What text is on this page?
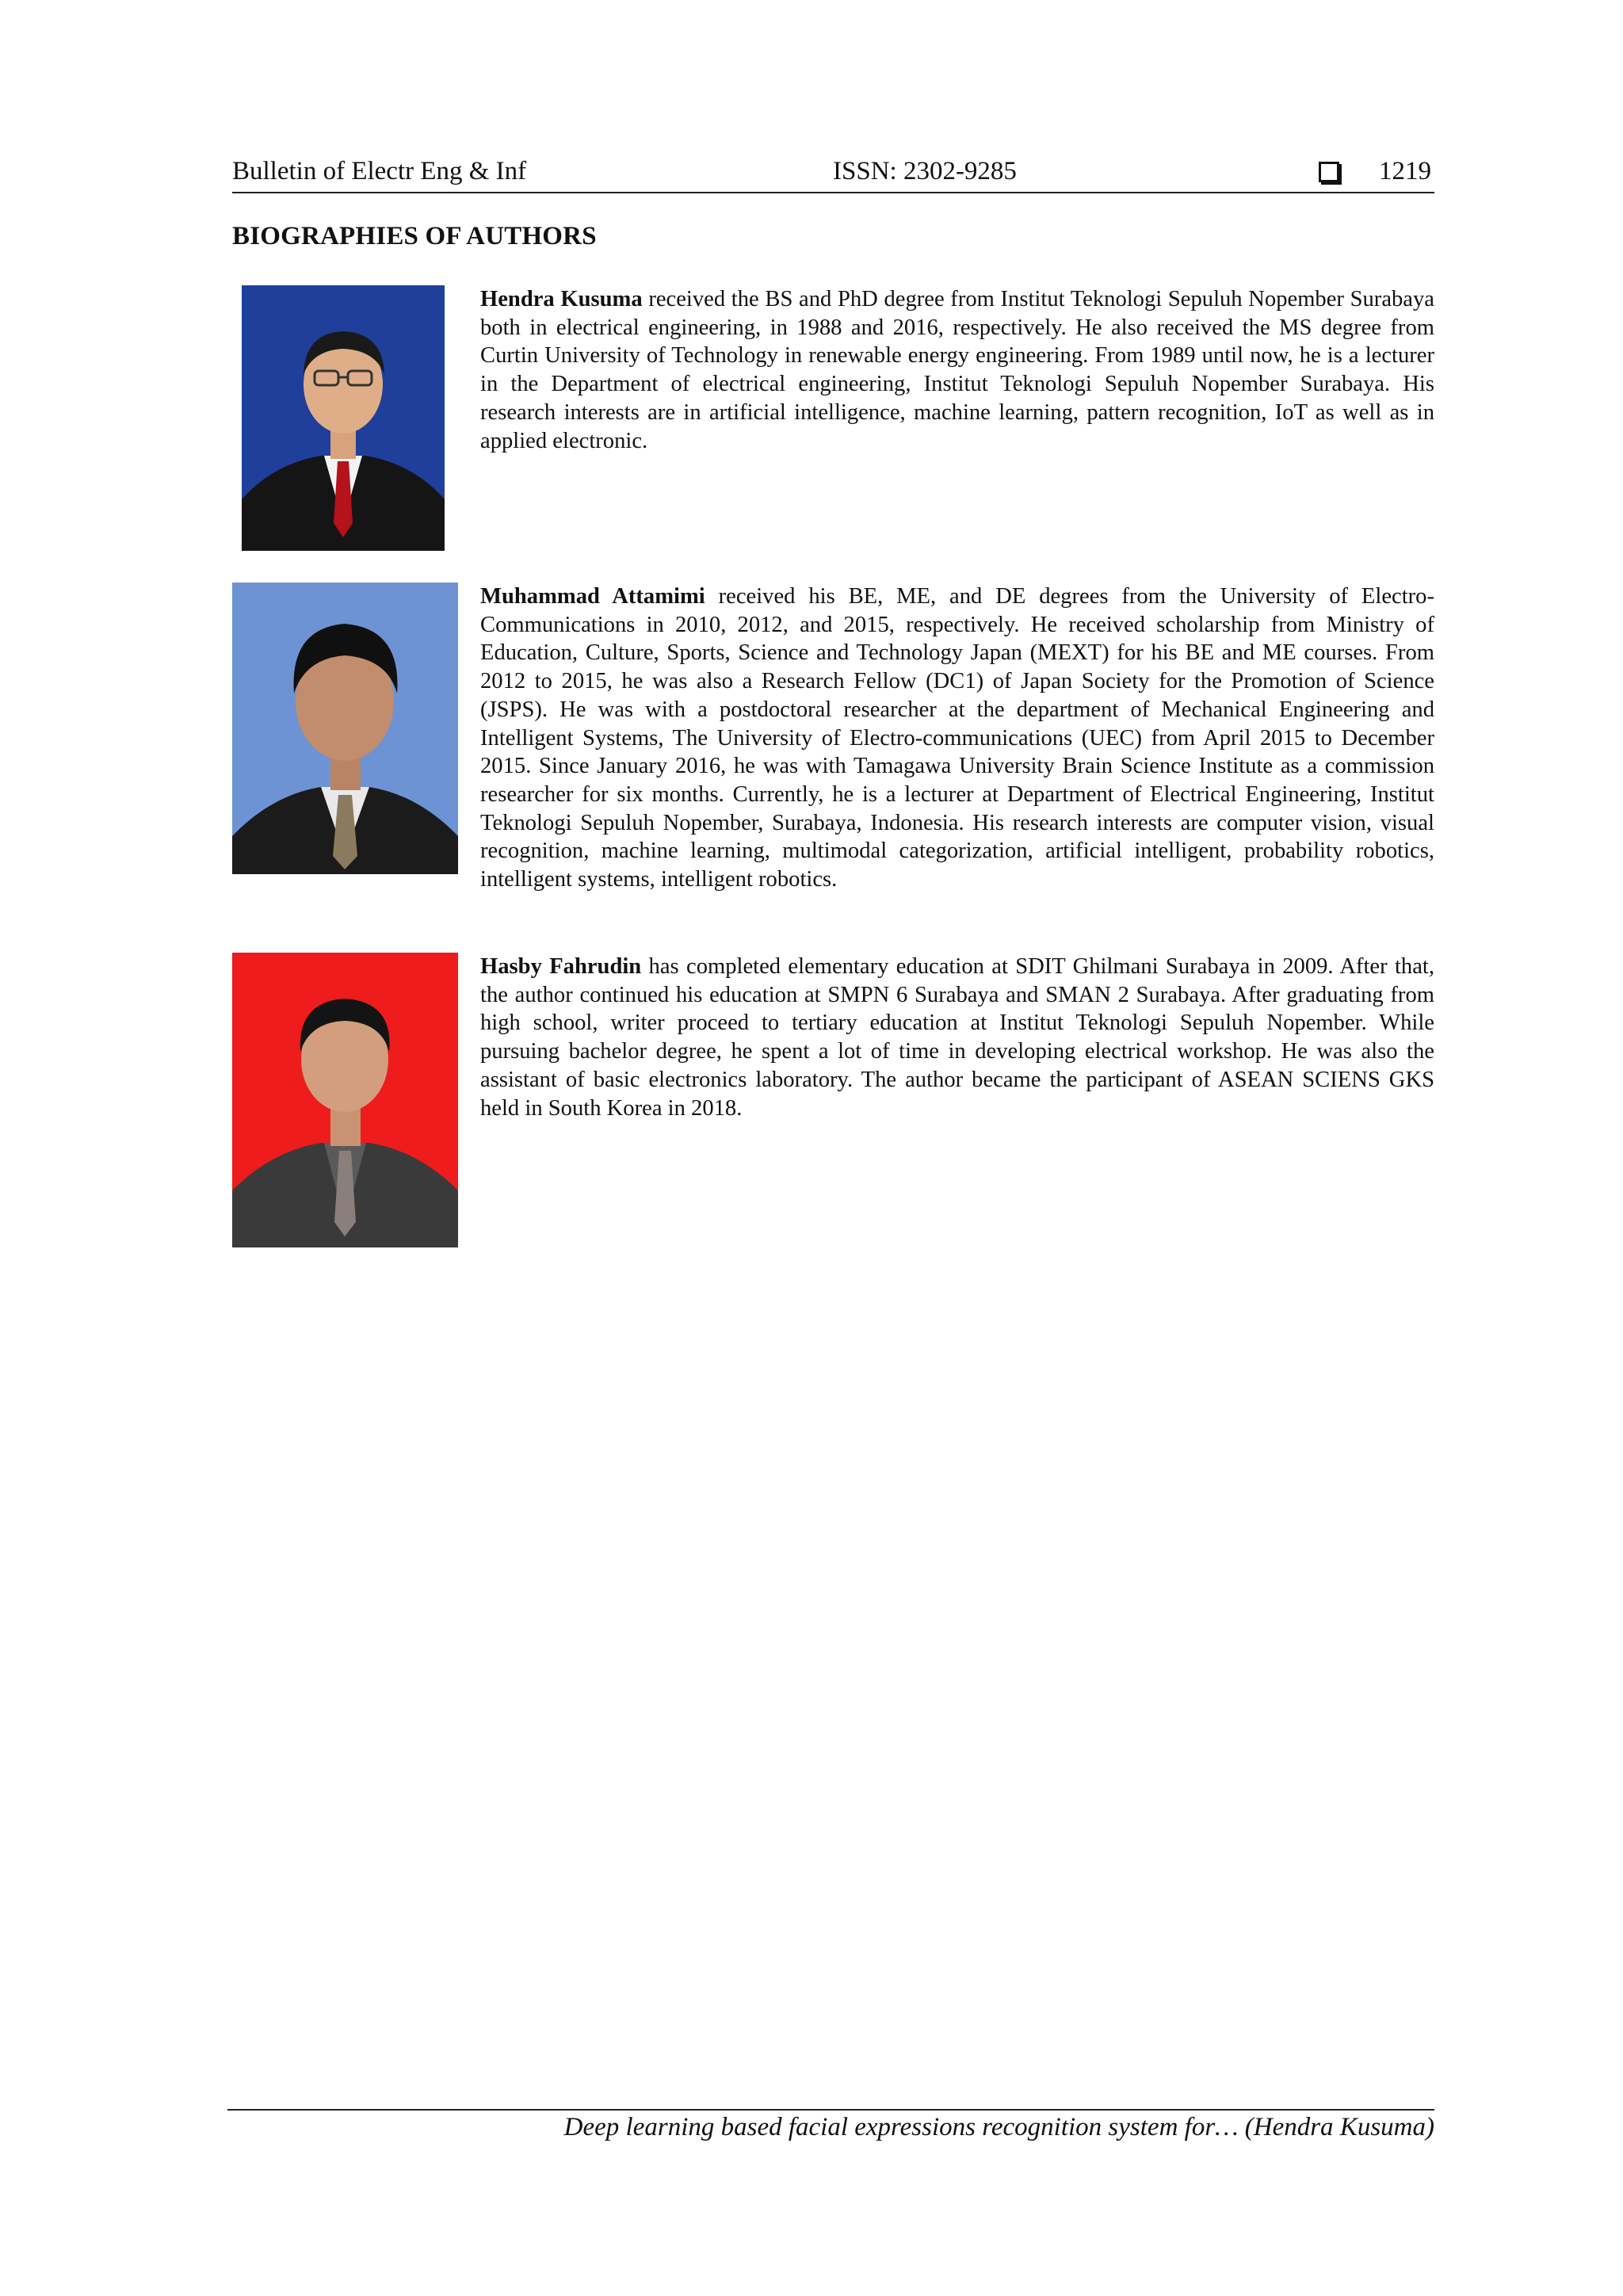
Bulletin of Electr Eng & Inf	ISSN: 2302-9285	1219
BIOGRAPHIES OF AUTHORS
Hendra Kusuma received the BS and PhD degree from Institut Teknologi Sepuluh Nopember Surabaya both in electrical engineering, in 1988 and 2016, respectively. He also received the MS degree from Curtin University of Technology in renewable energy engineering. From 1989 until now, he is a lecturer in the Department of electrical engineering, Institut Teknologi Sepuluh Nopember Surabaya. His research interests are in artificial intelligence, machine learning, pattern recognition, IoT as well as in applied electronic.
Muhammad Attamimi received his BE, ME, and DE degrees from the University of Electro-Communications in 2010, 2012, and 2015, respectively. He received scholarship from Ministry of Education, Culture, Sports, Science and Technology Japan (MEXT) for his BE and ME courses. From 2012 to 2015, he was also a Research Fellow (DC1) of Japan Society for the Promotion of Science (JSPS). He was with a postdoctoral researcher at the department of Mechanical Engineering and Intelligent Systems, The University of Electro-communications (UEC) from April 2015 to December 2015. Since January 2016, he was with Tamagawa University Brain Science Institute as a commission researcher for six months. Currently, he is a lecturer at Department of Electrical Engineering, Institut Teknologi Sepuluh Nopember, Surabaya, Indonesia. His research interests are computer vision, visual recognition, machine learning, multimodal categorization, artificial intelligent, probability robotics, intelligent systems, intelligent robotics.
Hasby Fahrudin has completed elementary education at SDIT Ghilmani Surabaya in 2009. After that, the author continued his education at SMPN 6 Surabaya and SMAN 2 Surabaya. After graduating from high school, writer proceed to tertiary education at Institut Teknologi Sepuluh Nopember. While pursuing bachelor degree, he spent a lot of time in developing electrical workshop. He was also the assistant of basic electronics laboratory. The author became the participant of ASEAN SCIENS GKS held in South Korea in 2018.
Deep learning based facial expressions recognition system for… (Hendra Kusuma)
